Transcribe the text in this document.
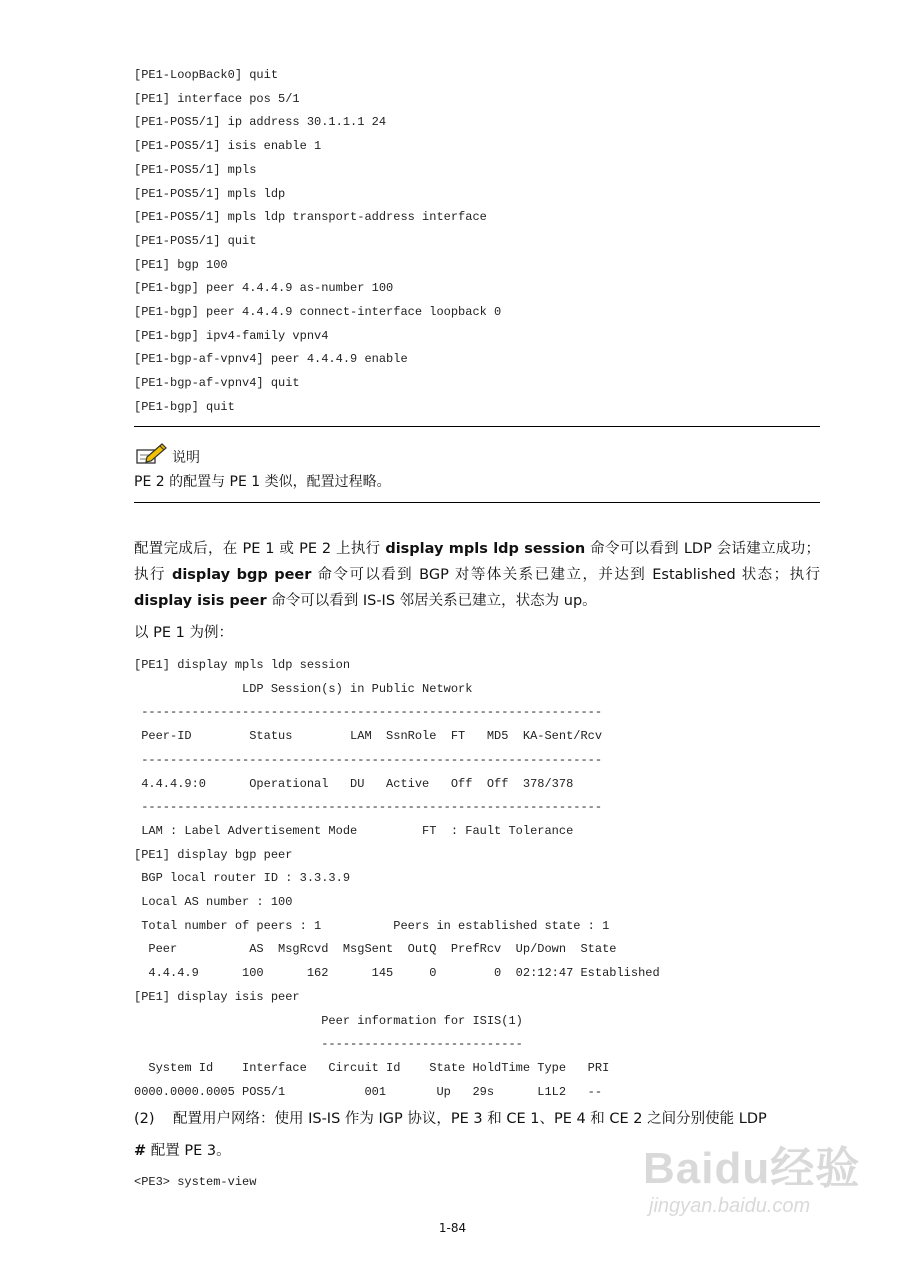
[PE1-LoopBack0] quit
[PE1] interface pos 5/1
[PE1-POS5/1] ip address 30.1.1.1 24
[PE1-POS5/1] isis enable 1
[PE1-POS5/1] mpls
[PE1-POS5/1] mpls ldp
[PE1-POS5/1] mpls ldp transport-address interface
[PE1-POS5/1] quit
[PE1] bgp 100
[PE1-bgp] peer 4.4.4.9 as-number 100
[PE1-bgp] peer 4.4.4.9 connect-interface loopback 0
[PE1-bgp] ipv4-family vpnv4
[PE1-bgp-af-vpnv4] peer 4.4.4.9 enable
[PE1-bgp-af-vpnv4] quit
[PE1-bgp] quit
说明
PE 2 的配置与 PE 1 类似，配置过程略。

配置完成后，在 PE 1 或 PE 2 上执行 display mpls ldp session 命令可以看到 LDP 会话建立成功；执行 display bgp peer 命令可以看到 BGP 对等体关系已建立，并达到 Established 状态；执行 display isis peer 命令可以看到 IS-IS 邻居关系已建立，状态为 up。

以 PE 1 为例：

[PE1] display mpls ldp session
LDP Session(s) in Public Network
----------------------------------------------------------------
Peer-ID        Status        LAM  SsnRole  FT   MD5  KA-Sent/Rcv
----------------------------------------------------------------
4.4.4.9:0      Operational   DU   Active   Off  Off  378/378
----------------------------------------------------------------
LAM : Label Advertisement Mode         FT  : Fault Tolerance
[PE1] display bgp peer
BGP local router ID : 3.3.3.9
Local AS number : 100
Total number of peers : 1          Peers in established state : 1
Peer          AS  MsgRcvd  MsgSent  OutQ  PrefRcv  Up/Down  State
4.4.4.9      100      162      145     0        0  02:12:47 Established
[PE1] display isis peer
Peer information for ISIS(1)
----------------------------
System Id    Interface   Circuit Id    State HoldTime Type   PRI
0000.0000.0005 POS5/1           001       Up   29s      L1L2   --

(2) 配置用户网络：使用 IS-IS 作为 IGP 协议，PE 3 和 CE 1、PE 4 和 CE 2 之间分别使能 LDP

# 配置 PE 3。

<PE3> system-view
1-84
Baidu经验
jingyan.baidu.com
